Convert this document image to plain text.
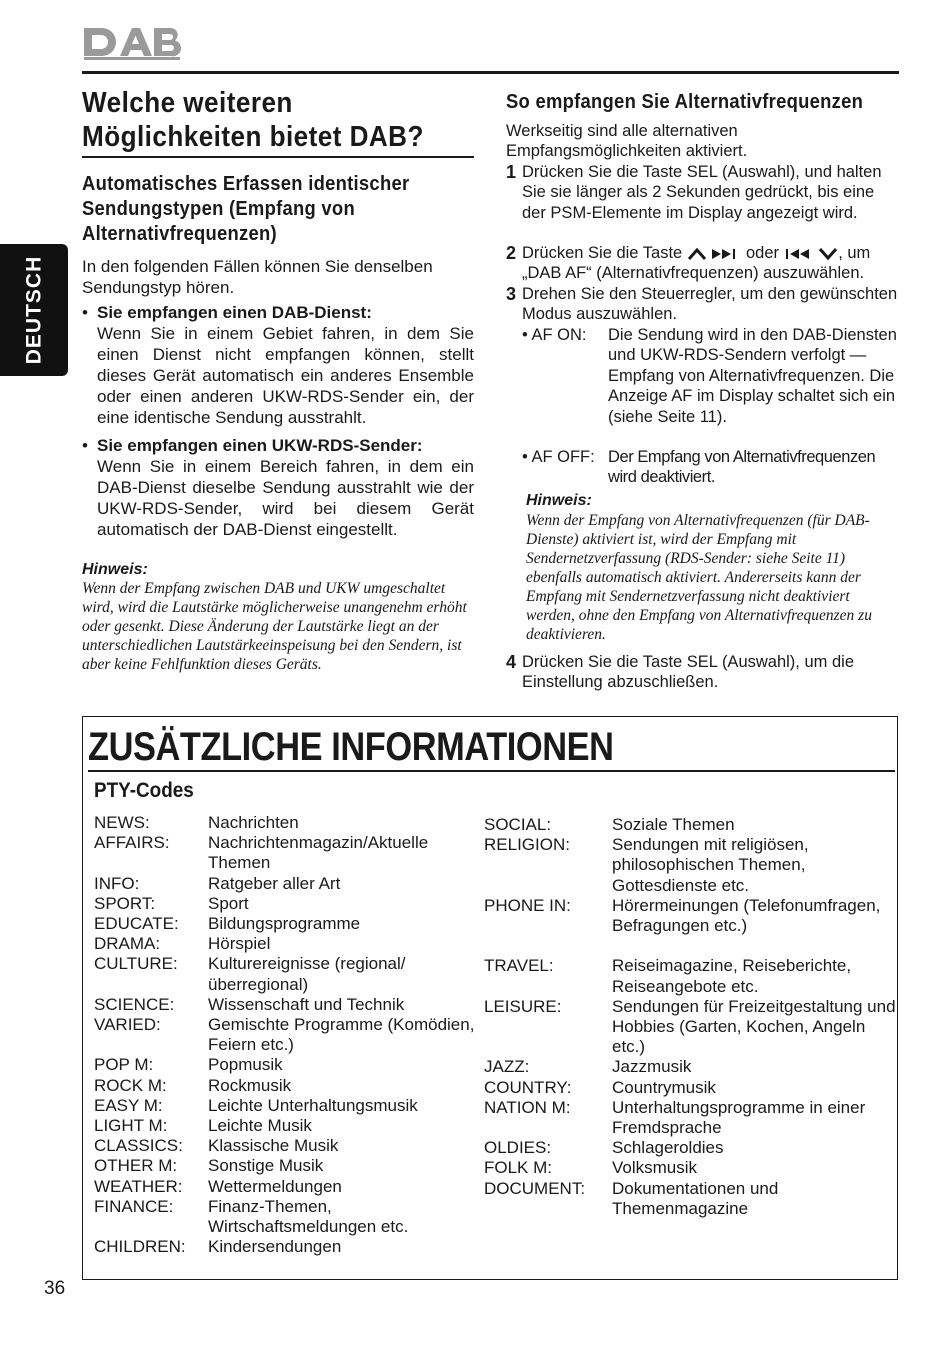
DEUTSCH
Welche weiteren
Möglichkeiten bietet DAB?
Automatisches Erfassen identischer Sendungstypen (Empfang von Alternativfrequenzen)
In den folgenden Fällen können Sie denselben Sendungstyp hören.
• Sie empfangen einen DAB-Dienst:
Wenn Sie in einem Gebiet fahren, in dem Sie einen Dienst nicht empfangen können, stellt dieses Gerät automatisch ein anderes Ensemble oder einen anderen UKW-RDS-Sender ein, der eine identische Sendung ausstrahlt.
• Sie empfangen einen UKW-RDS-Sender:
Wenn Sie in einem Bereich fahren, in dem ein DAB-Dienst dieselbe Sendung ausstrahlt wie der UKW-RDS-Sender, wird bei diesem Gerät automatisch der DAB-Dienst eingestellt.
Hinweis:
Wenn der Empfang zwischen DAB und UKW umgeschaltet wird, wird die Lautstärke möglicherweise unangenehm erhöht oder gesenkt. Diese Änderung der Lautstärke liegt an der unterschiedlichen Lautstärkeeinspeisung bei den Sendern, ist aber keine Fehlfunktion dieses Geräts.
So empfangen Sie Alternativfrequenzen
Werkseitig sind alle alternativen Empfangsmöglichkeiten aktiviert.
1 Drücken Sie die Taste SEL (Auswahl), und halten Sie sie länger als 2 Sekunden gedrückt, bis eine der PSM-Elemente im Display angezeigt wird.
2 Drücken Sie die Taste	oder	, um „DAB AF“ (Alternativfrequenzen) auszuwählen.
3 Drehen Sie den Steuerregler, um den gewünschten Modus auszuwählen.
• AF ON: Die Sendung wird in den DAB-Diensten und UKW-RDS-Sendern verfolgt — Empfang von Alternativfrequenzen. Die Anzeige AF im Display schaltet sich ein (siehe Seite 11).
• AF OFF: Der Empfang von Alternativfrequenzen wird deaktiviert.
Hinweis:
Wenn der Empfang von Alternativfrequenzen (für DAB-Dienste) aktiviert ist, wird der Empfang mit Sendernetzverfassung (RDS-Sender: siehe Seite 11) ebenfalls automatisch aktiviert. Andererseits kann der Empfang mit Sendernetzverfassung nicht deaktiviert werden, ohne den Empfang von Alternativfrequenzen zu deaktivieren.
4 Drücken Sie die Taste SEL (Auswahl), um die Einstellung abzuschließen.
ZUSÄTZLICHE INFORMATIONEN
PTY-Codes
NEWS:	Nachrichten
AFFAIRS: Nachrichtenmagazin/Aktuelle Themen
INFO:	Ratgeber aller Art
SPORT:	Sport
EDUCATE: Bildungsprogramme
DRAMA:	Hörspiel
CULTURE: Kulturereignisse (regional/ überregional)
SCIENCE: Wissenschaft und Technik
VARIED:	Gemischte Programme (Komödien, Feiern etc.)
POP M:	Popmusik
ROCK M: Rockmusik
EASY M:	Leichte Unterhaltungsmusik
LIGHT M: Leichte Musik
CLASSICS: Klassische Musik
OTHER M: Sonstige Musik
WEATHER: Wettermeldungen
FINANCE: Finanz-Themen, Wirtschaftsmeldungen etc.
CHILDREN: Kindersendungen
SOCIAL:	Soziale Themen
RELIGION: Sendungen mit religiösen, philosophischen Themen, Gottesdienste etc.
PHONE IN: Hörermeinungen (Telefonumfragen, Befragungen etc.)
TRAVEL:	Reiseimagazine, Reiseberichte, Reiseangebote etc.
LEISURE:	Sendungen für Freizeitgestaltung und Hobbies (Garten, Kochen, Angeln etc.)
JAZZ:	Jazzmusik
COUNTRY: Countrymusik
NATION M: Unterhaltungsprogramme in einer Fremdsprache
OLDIES:	Schlageroldies
FOLK M:	Volksmusik
DOCUMENT: Dokumentationen und Themenmagazine
36
